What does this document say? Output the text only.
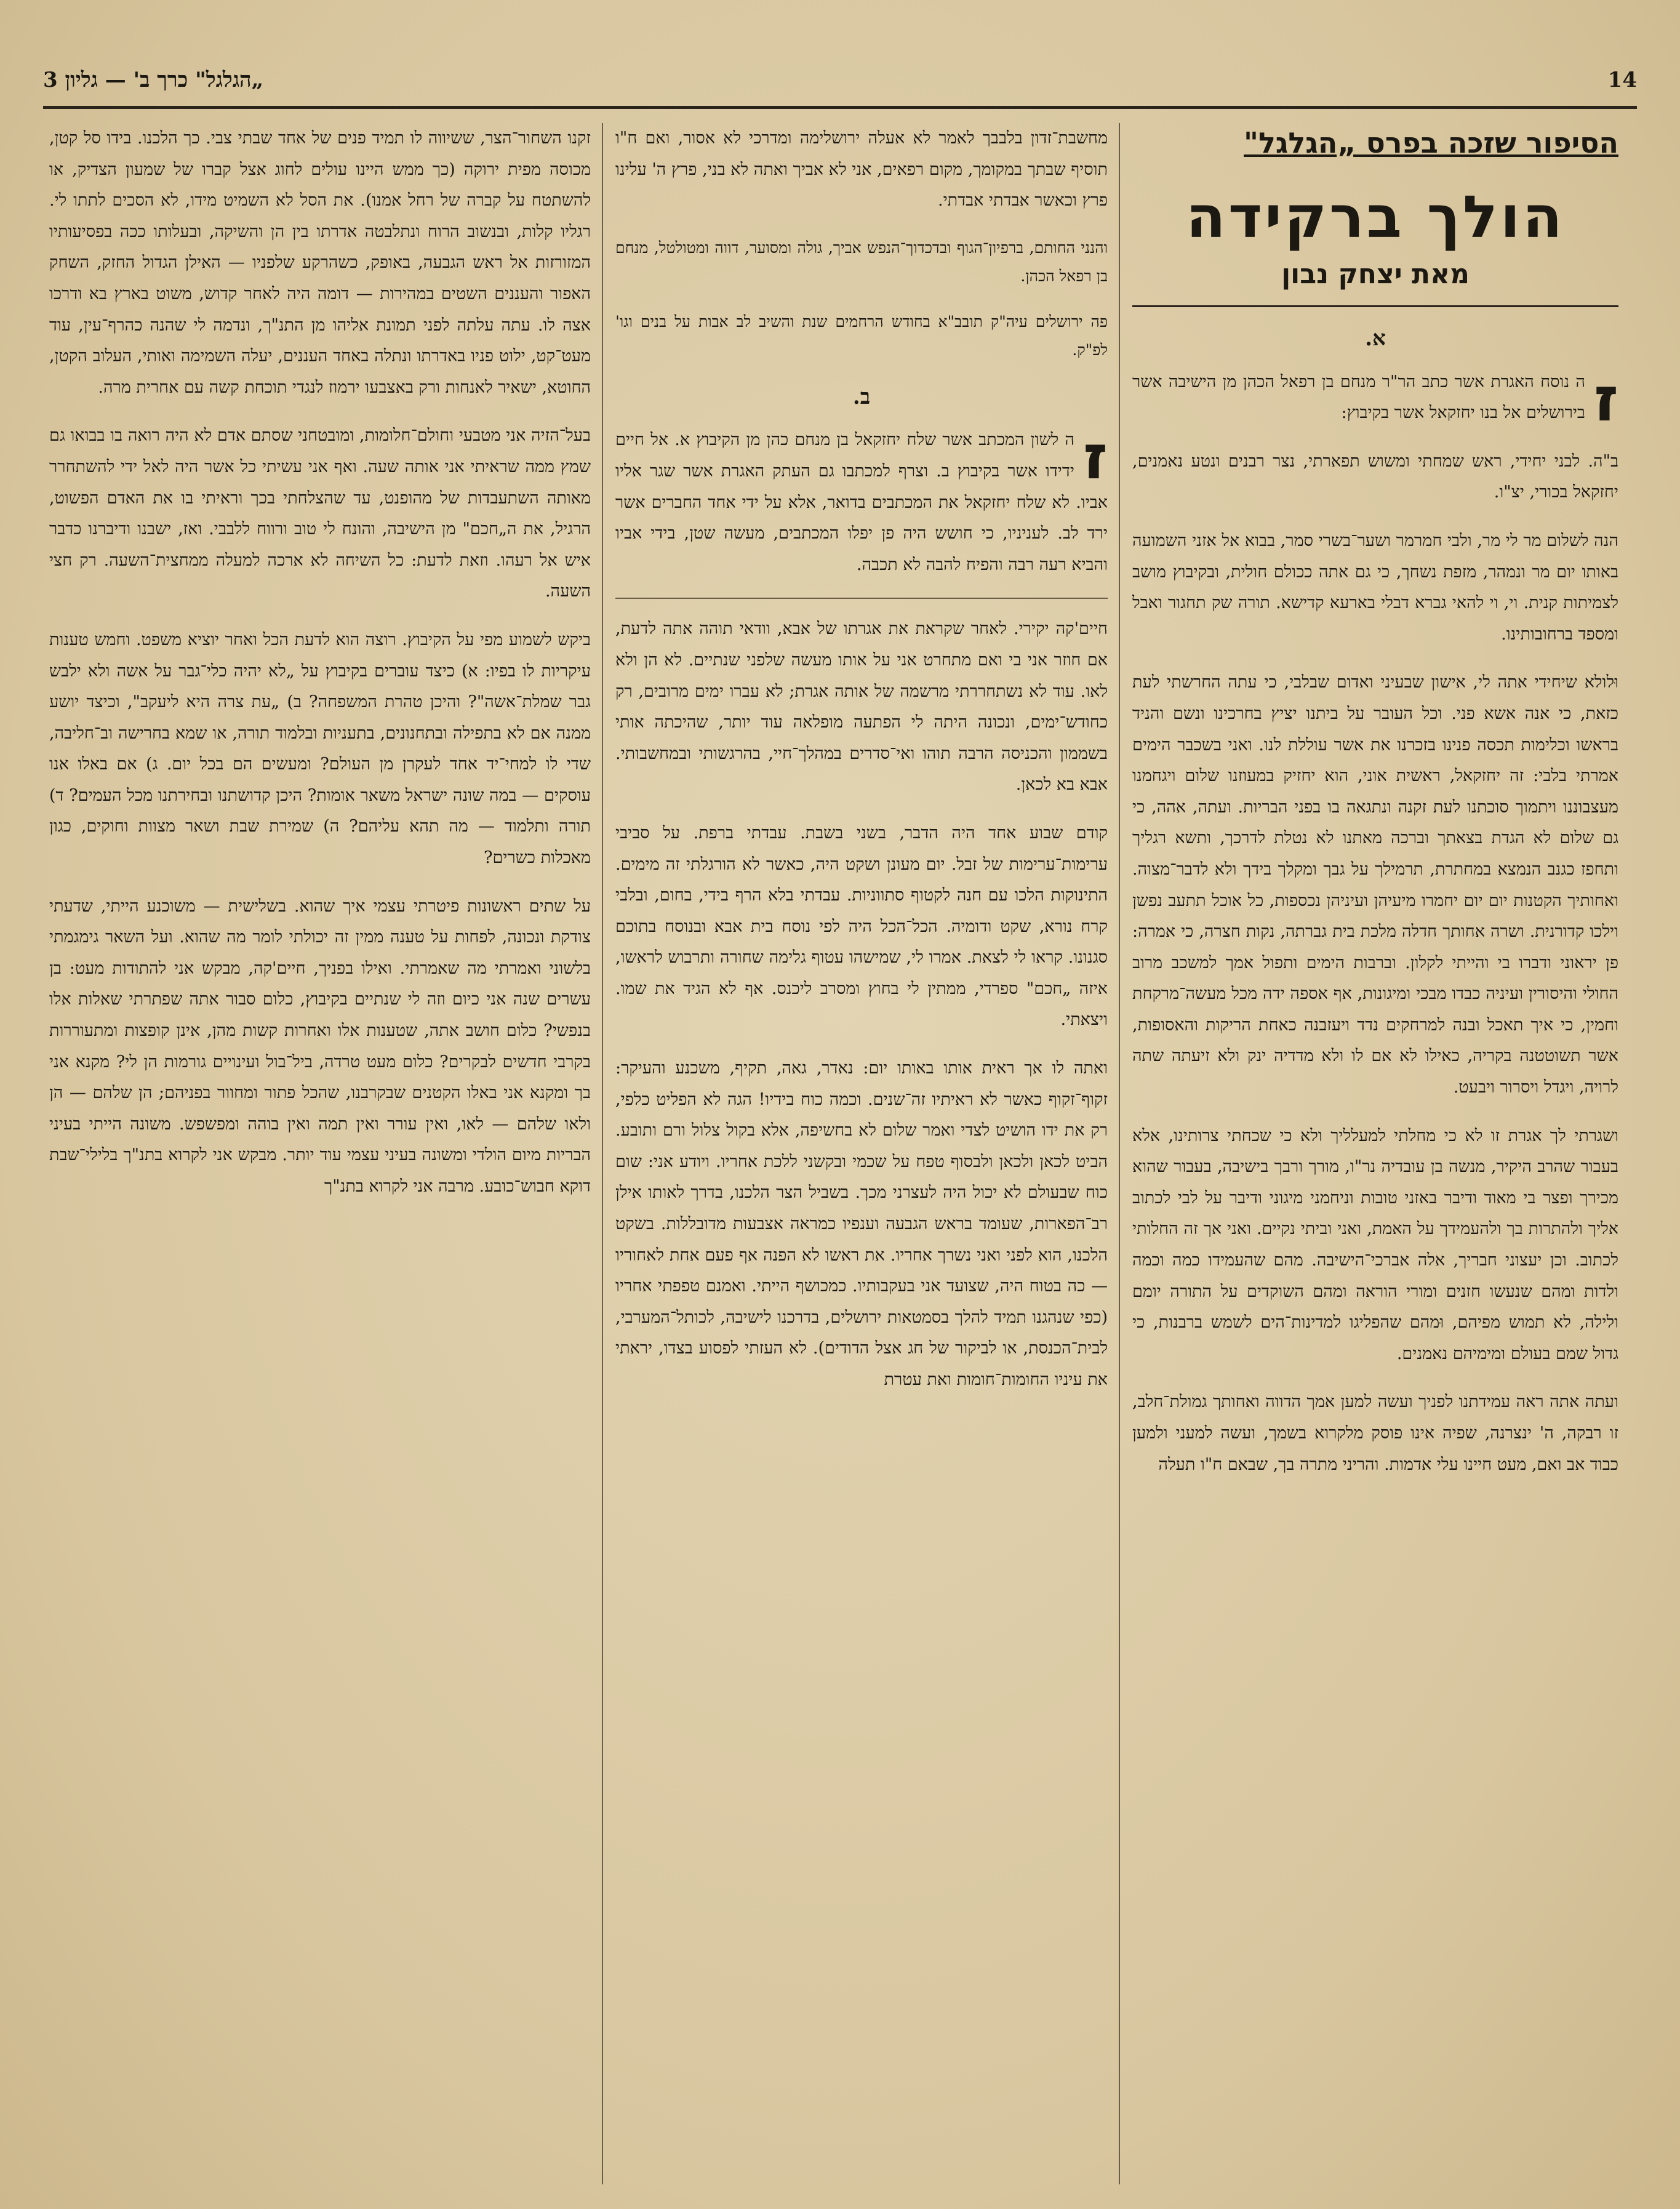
14
„הגלגל" כרך ב' — גליון 3
הסיפור שזכה בפרס „הגלגל"
הולך ברקידה
מאת יצחק נבון
א.

ז
ה נוסח האגרת אשר כתב הר"ר מנחם בן רפאל הכהן מן הישיבה אשר בירושלים אל בנו יחזקאל אשר בקיבוץ:

ב"ה. לבני יחידי, ראש שמחתי ומשוש תפארתי, נצר רבנים ונטע נאמנים, יחזקאל בכורי, יצ"ו.

הנה לשלום מר לי מר, ולבי חמרמר ושער־בשרי סמר, בבוא אל אזני השמועה באותו יום מר ונמהר, מזפת נשחך, כי גם אתה ככולם חולית, ובקיבוץ מושב לצמיתות קנית. וי, וי להאי גברא דבלי בארעא קדישא. תורה שק תחגור ואבל ומספד ברחובותינו.

וּלולא שיחידי אתה לי, אישון שבעיני ואדום שבלבי, כי עתה החרשתי לעת כזאת, כי אנה אשא פני. וכל העובר על ביתנו יציץ בחרכינו ונשם והניד בראשו וכלימות תכסה פנינו בזכרנו את אשר עוללת לנו. ואני בשכבר הימים אמרתי בלבי: זה יחזקאל, ראשית אוני, הוא יחזיק במעוזנו שלום ויגחמנו מעצבוננו ויתמוך סוכתנו לעת זקנה ונתגאה בו בפני הבריות. ועתה, אהה, כי גם שלום לא הגדת בצאתך וברכה מאתנו לא נטלת לדרכך, ותשא רגליך ותחפז כגנב הנמצא במחתרת, תרמילך על גבך ומקלך בידך ולא לדבר־מצוה. ואחותיך הקטנות יום יום יחמרו מיעיהן ועיניהן נכספות, כל אוכל תתעב נפשן וילכו קדורנית. ושרה אחותך חדלה מלכת בית גברתה, נקות חצרה, כי אמרה: פן יראוני ודברו בי והייתי לקלון. וברבות הימים ותפול אמך למשכב מרוב החולי והיסורין ועיניה כבדו מבכי ומיגונות, אף אספה ידה מכל מעשה־מרקחת וחמין, כי איך תאכל ובנה למרחקים נדד ויעזבנה כאחת הריקות והאסופות, אשר תשוטטנה בקריה, כאילו לא אם לו ולא מדדיה ינק ולא זיעתה שתה לרויה, ויגדל ויסרור ויבעט.

ושגרתי לך אגרת זו לא כי מחלתי למעלליך ולא כי שכחתי צרותינו, אלא בעבור שהרב היקיר, מנשה בן עובדיה נר"ו, מורך ורבך בישיבה, בעבור שהוא מכירך ופצר בי מאוד ודיבר באזני טובות וניחמני מיגוני ודיבר על לבי לכתוב אליך ולהתרות בך ולהעמידך על האמת, ואני וביתי נקיים. ואני אך זה החלותי לכתוב. וכן יעצוני חבריך, אלה אברכי־הישיבה. מהם שהעמידו כמה וכמה ולדות ומהם שנעשו חזנים ומורי הוראה ומהם השוקדים על התורה יומם ולילה, לא תמוש מפיהם, וּמהם שהפליגו למדינות־הים לשמש ברבנות, כי גדול שמם בעולם ומימיהם נאמנים.

ועתה אתה ראה עמידתנו לפניך ועשה למען אמך הדווה ואחותך גמולת־חלב, זו רבקה, ה' ינצרנה, שפיה אינו פוסק מלקרוא בשמך, ועשה למעני ולמען כבוד אב ואם, מעט חיינו עלי אדמות. והריני מתרה בך, שבאם ח"ו תעלה

מחשבת־זדון בלבבך לאמר לא אעלה ירושלימה ומדרכי לא אסור, ואם ח"ו תוסיף שבתך במקומך, מקום רפאים, אני לא אביך ואתה לא בני, פרץ ה' עלינו פרץ וכאשר אבדתי אבדתי.

והנני החותם, ברפיון־הגוף ובדכדוך־הנפש אביך, גולה ומסוער, דווה ומטולטל, מנחם בן רפאל הכהן.
פה ירושלים עיה"ק תובב"א בחודש הרחמים שנת והשיב לב אבות על בנים וגו' לפ"ק.
ב.

ז
ה לשון המכתב אשר שלח יחזקאל בן מנחם כהן מן הקיבוץ א. אל חיים ידידו אשר בקיבוץ ב. וצרף למכתבו גם העתק האגרת אשר שגר אליו אביו. לא שלח יחזקאל את המכתבים בדואר, אלא על ידי אחד החברים אשר ירד לב. לעניניו, כי חושש היה פן יפלו המכתבים, מעשה שטן, בידי אביו והביא רעה רבה והפיח להבה לא תכבה.

חיים'קה יקירי. לאחר שקראת את אגרתו של אבא, וודאי תוהה אתה לדעת, אם חוזר אני בי ואם מתחרט אני על אותו מעשה שלפני שנתיים. לא הן ולא לאו. עוד לא נשתחררתי מרשמה של אותה אגרת; לא עברו ימים מרובים, רק כחודש־ימים, ונכונה היתה לי הפתעה מופלאה עוד יותר, שהיכתה אותי בשממון והכניסה הרבה תוהו ואי־סדרים במהלך־חיי, בהרגשותי ובמחשבותי. אבא בא לכאן.

קודם שבוע אחד היה הדבר, בשני בשבת. עבדתי ברפת. על סביבי ערימות־ערימות של זבל. יום מעונן ושקט היה, כאשר לא הורגלתי זה מימים. התינוקות הלכו עם חנה לקטוף סתווניות. עבדתי בלא הרף בידי, בחום, ובלבי קרח נורא, שקט ודומיה. הכל־הכל היה לפי נוסח בית אבא ובנוסח בתוכם סגנונו. קראו לי לצאת. אמרו לי, שמישהו עטוף גלימה שחורה ותרבוש לראשו, איזה „חכם" ספרדי, ממתין לי בחוץ ומסרב ליכנס. אף לא הגיד את שמו. ויצאתי.

ואתה לו אך ראית אותו באותו יום: נאדר, גאה, תקיף, משכנע והעיקר: זקוף־זקוף כאשר לא ראיתיו זה־שנים. וכמה כוח בידיו! הגה לא הפליט כלפי, רק את ידו הושיט לצדי ואמר שלום לא בחשיפה, אלא בקול צלול ורם ותובע. הביט לכאן ולכאן ולבסוף טפח על שכמי ובקשני ללכת אחריו. ויודע אני: שום כוח שבעולם לא יכול היה לעצרני מכך. בשביל הצר הלכנו, בדרך לאותו אילן רב־הפארות, שעומד בראש הגבעה וענפיו כמראה אצבעות מדובללות. בשקט הלכנו, הוא לפני ואני נשרך אחריו. את ראשו לא הפנה אף פעם אחת לאחוריו — כה בטוח היה, שצועד אני בעקבותיו. כמכושף הייתי. ואמנם טפפתי אחריו (כפי שנהגנו תמיד להלך בסמטאות ירושלים, בדרכנו לישיבה, לכותל־המערבי, לבית־הכנסת, או לביקור של חג אצל הדודים). לא העזתי לפסוע בצדו, יראתי את עיניו החומות־חומות ואת עטרת

זקנו השחור־הצר, ששיווה לו תמיד פנים של אחד שבתי צבי. כך הלכנו. בידו סל קטן, מכוסה מפית ירוקה (כך ממש היינו עולים לחוג אצל קברו של שמעון הצדיק, או להשתטח על קברה של רחל אמנו). את הסל לא השמיט מידו, לא הסכים לתתו לי. רגליו קלות, ובנשוב הרוח ונתלבטה אדרתו בין הן והשיקה, ובעלותו ככה בפסיעותיו המזורזות אל ראש הגבעה, באופק, כשהרקע שלפניו — האילן הגדול החזק, השחק האפור והעננים השטים במהירות — דומה היה לאחר קדוש, משוט בארץ בא ודרכו אצה לו. עתה עלתה לפני תמונת אליהו מן התנ"ך, ונדמה לי שהנה כהרף־עין, עוד מעט־קט, ילוט פניו באדרתו ונתלה באחד העננים, יעלה השמימה ואותי, העלוב הקטן, החוטא, ישאיר לאנחות ורק באצבעו ירמוז לנגדי תוכחת קשה עם אחרית מרה.

בעל־הזיה אני מטבעי וחולם־חלומות, ומובטחני שסתם אדם לא היה רואה בו בבואו גם שמץ ממה שראיתי אני אותה שעה. ואף אני עשיתי כל אשר היה לאל ידי להשתחרר מאותה השתעבדות של מהופנט, עד שהצלחתי בכך וראיתי בו את האדם הפשוט, הרגיל, את ה„חכם" מן הישיבה, והונח לי טוב ורווח ללבבי. ואז, ישבנו ודיברנו כדבר איש אל רעהו. וזאת לדעת: כל השיחה לא ארכה למעלה ממחצית־השעה. רק חצי השעה.

ביקש לשמוע מפי על הקיבוץ. רוצה הוא לדעת הכל ואחר יוציא משפט. וחמש טענות עיקריות לו בפיו: א) כיצד עוברים בקיבוץ על „לא יהיה כלי־גבר על אשה ולא ילבש גבר שמלת־אשה"? והיכן טהרת המשפחה? ב) „עת צרה היא ליעקב", וכיצד יושע ממנה אם לא בתפילה ובתחנונים, בתעניות ובלמוד תורה, או שמא בחרישה וב־חליבה, שדי לו למחי־יד אחד לעקרן מן העולם? ומעשים הם בכל יום. ג) אם באלו אנו עוסקים — במה שונה ישראל משאר אומות? היכן קדושתנו ובחירתנו מכל העמים? ד) תורה ותלמוד — מה תהא עליהם? ה) שמירת שבת ושאר מצוות וחוקים, כגון מאכלות כשרים?

על שתים ראשונות פיטרתי עצמי איך שהוא. בשלישית — משוכנע הייתי, שדעתי צודקת ונכונה, לפחות על טענה ממין זה יכולתי לומר מה שהוא. ועל השאר גימגמתי בלשוני ואמרתי מה שאמרתי. ואילו בפניך, חיים'קה, מבקש אני להתודות מעט: בן עשרים שנה אני כיום וזה לי שנתיים בקיבוץ, כלום סבור אתה שפתרתי שאלות אלו בנפשי? כלום חושב אתה, שטענות אלו ואחרות קשות מהן, אינן קופצות ומתעוררות בקרבי חדשים לבקרים? כלום מעט טרדה, ביל־בול ועינויים גורמות הן לי? מקנא אני בך ומקנא אני באלו הקטנים שבקרבנו, שהכל פתור ומחוור בפניהם; הן שלהם — הן ולאו שלהם — לאו, ואין עורר ואין תמה ואין בוהה ומפשפש. משונה הייתי בעיני הבריות מיום הולדי ומשונה בעיני עצמי עוד יותר. מבקש אני לקרוא בתנ"ך בלילי־שבת דוקא חבוש־כובע. מרבה אני לקרוא בתנ"ך
